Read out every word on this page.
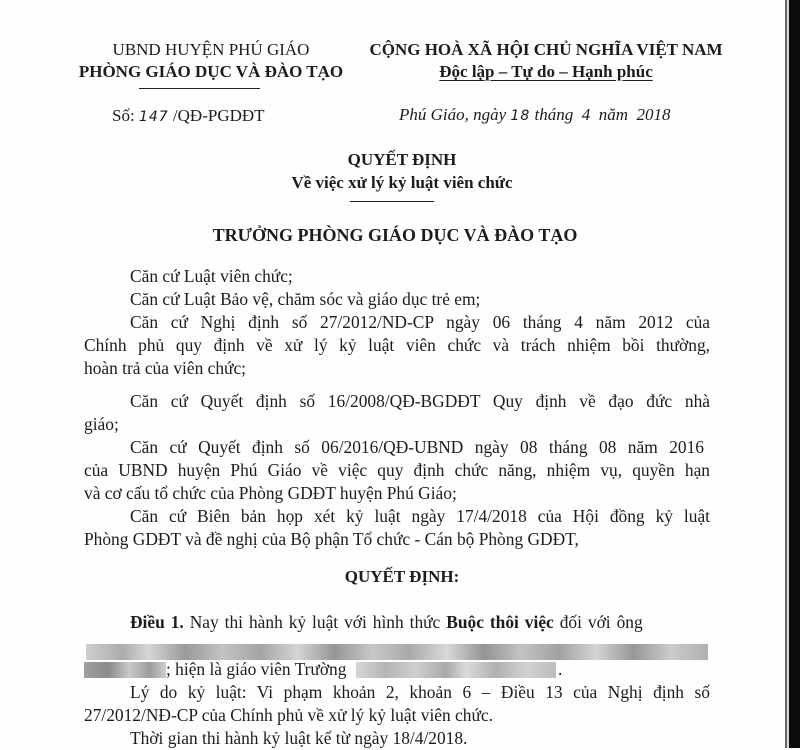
UBND HUYỆN PHÚ GIÁO
PHÒNG GIÁO DỤC VÀ ĐÀO TẠO
Số: 147 /QĐ-PGDĐT
CỘNG HOÀ XÃ HỘI CHỦ NGHĨA VIỆT NAM
Độc lập – Tự do – Hạnh phúc
Phú Giáo, ngày 18 tháng  4  năm  2018
QUYẾT ĐỊNH
Về việc xử lý kỷ luật viên chức
TRƯỞNG PHÒNG GIÁO DỤC VÀ ĐÀO TẠO
Căn cứ Luật viên chức;
Căn cứ Luật Bảo vệ, chăm sóc và giáo dục trẻ em;
Căn cứ Nghị định số 27/2012/ND-CP ngày 06 tháng 4 năm 2012 của
Chính phủ quy định về xử lý kỷ luật viên chức và trách nhiệm bồi thường,
hoàn trả của viên chức;
Căn cứ Quyết định số 16/2008/QĐ-BGDĐT Quy định về đạo đức nhà
giáo;
Căn cứ Quyết định số 06/2016/QĐ-UBND ngày 08 tháng 08 năm 2016
của UBND huyện Phú Giáo về việc quy định chức năng, nhiệm vụ, quyền hạn
và cơ cấu tổ chức của Phòng GDĐT huyện Phú Giáo;
Căn cứ Biên bản họp xét kỷ luật ngày 17/4/2018 của Hội đồng kỷ luật
Phòng GDĐT và đề nghị của Bộ phận Tổ chức - Cán bộ Phòng GDĐT,
QUYẾT ĐỊNH:
Điều 1. Nay thi hành kỷ luật với hình thức Buộc thôi việc đối với ông
; hiện là giáo viên Trường	.
Lý do kỷ luật: Vi phạm khoản 2, khoản 6 – Điều 13 của Nghị định số
27/2012/NĐ-CP của Chính phủ về xử lý kỷ luật viên chức.
Thời gian thi hành kỷ luật kể từ ngày 18/4/2018.
